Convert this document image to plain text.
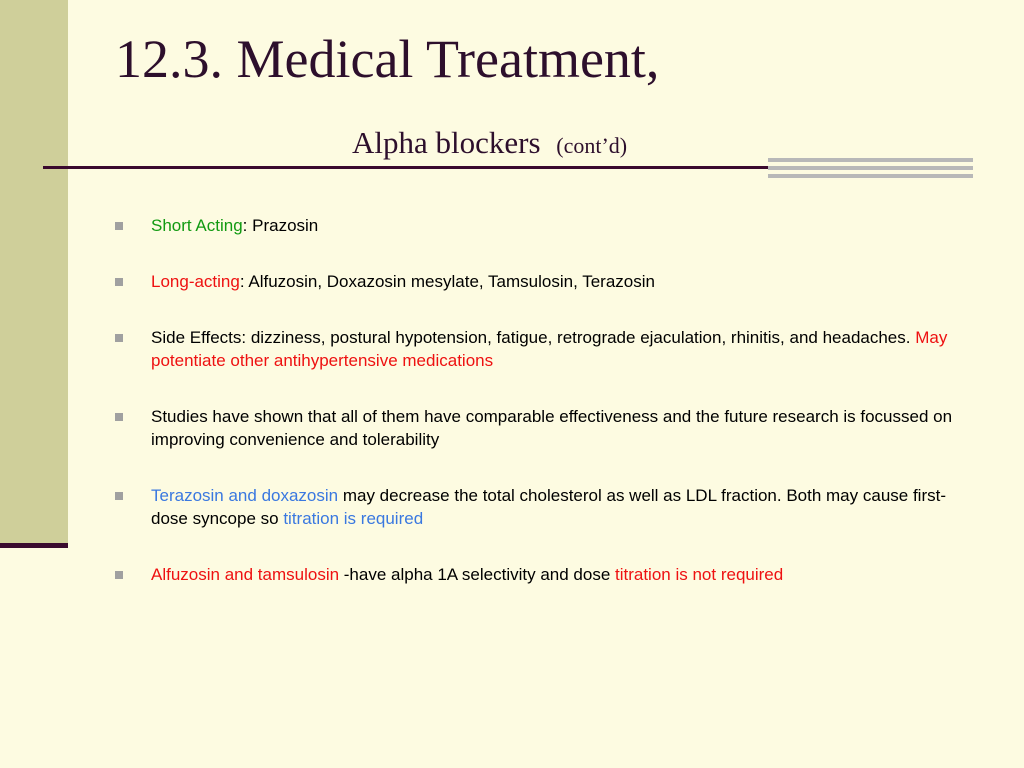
12.3. Medical Treatment,
Alpha blockers (cont’d)
Short Acting: Prazosin
Long-acting: Alfuzosin, Doxazosin mesylate, Tamsulosin, Terazosin
Side Effects: dizziness, postural hypotension, fatigue, retrograde ejaculation, rhinitis, and headaches. May potentiate other antihypertensive medications
Studies have shown that all of them have comparable effectiveness and the future research is focussed on improving convenience and tolerability
Terazosin and doxazosin may decrease the total cholesterol as well as LDL fraction. Both may cause first-dose syncope so titration is required
Alfuzosin and tamsulosin -have alpha 1A selectivity and dose titration is not required
